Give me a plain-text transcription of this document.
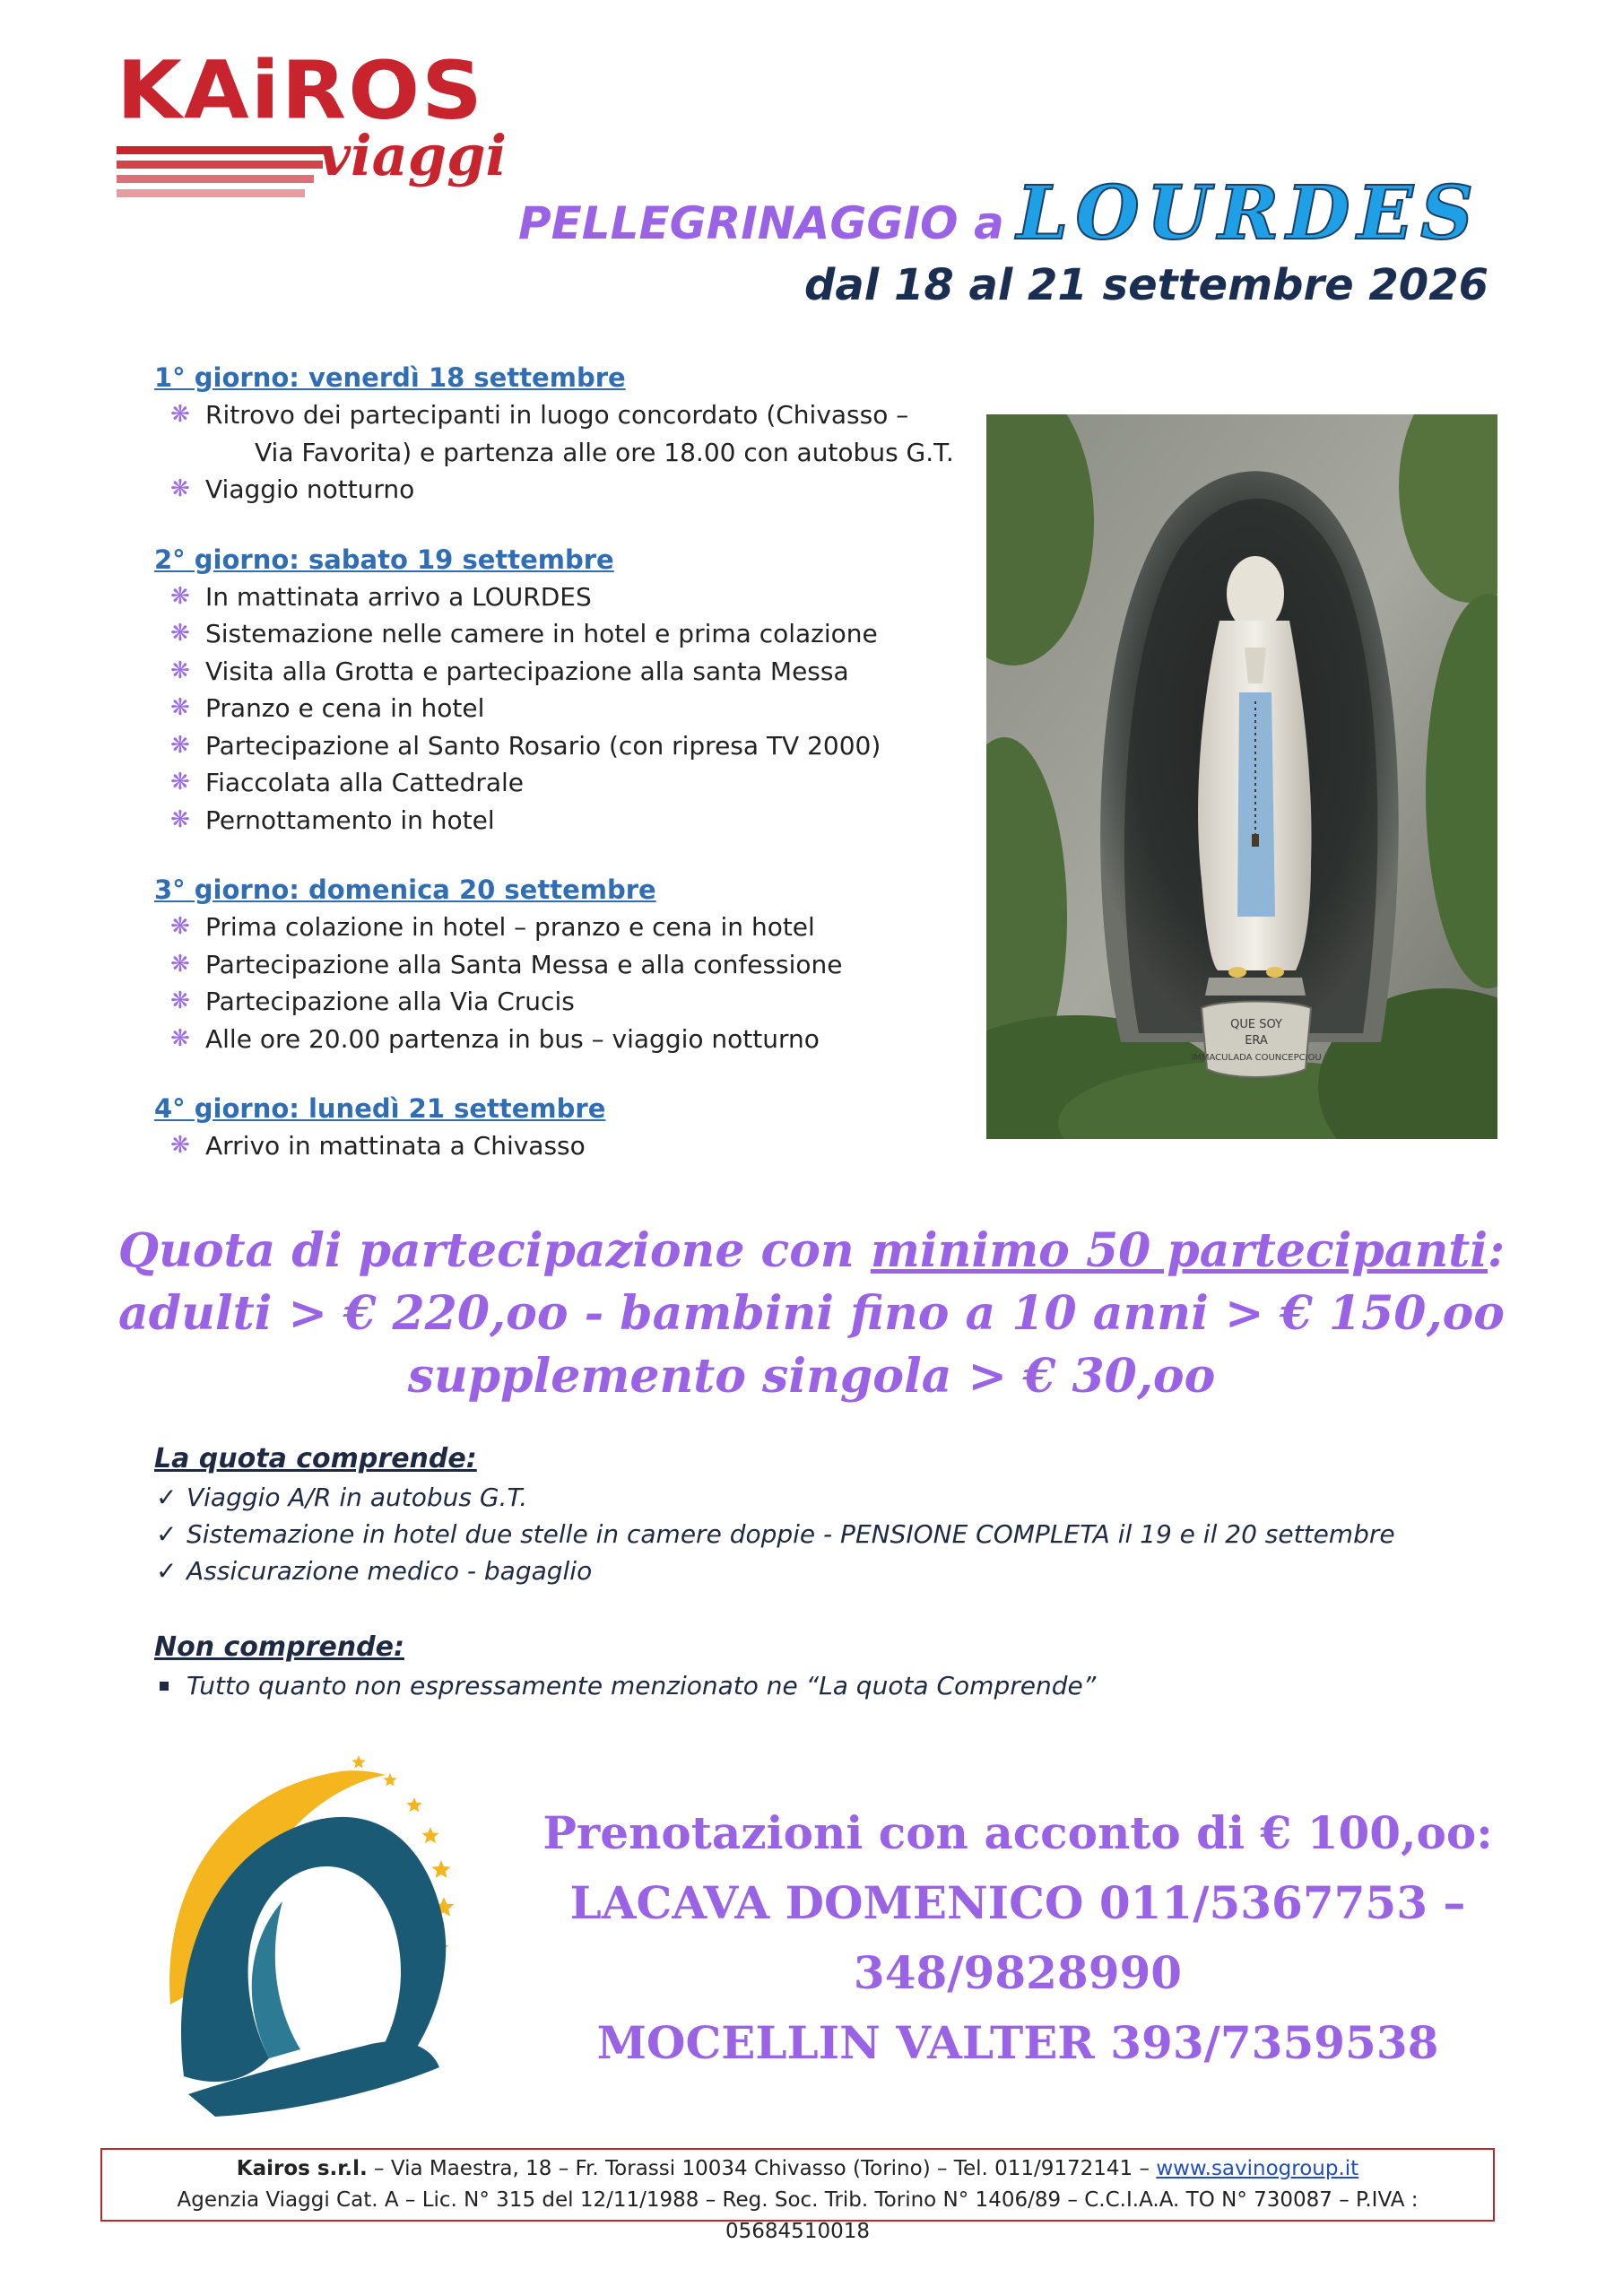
KAiROS
viaggi
PELLEGRINAGGIO a LOURDES
dal 18 al 21 settembre 2026

1° giorno: venerdì 18 settembre

❋ Ritrovo dei partecipanti in luogo concordato (Chivasso –
Via Favorita) e partenza alle ore 18.00 con autobus G.T.
❋ Viaggio notturno

2° giorno: sabato 19 settembre

❋ In mattinata arrivo a LOURDES
❋ Sistemazione nelle camere in hotel e prima colazione
❋ Visita alla Grotta e partecipazione alla santa Messa
❋ Pranzo e cena in hotel
❋ Partecipazione al Santo Rosario (con ripresa TV 2000)
❋ Fiaccolata alla Cattedrale
❋ Pernottamento in hotel

3° giorno: domenica 20 settembre

❋ Prima colazione in hotel – pranzo e cena in hotel
❋ Partecipazione alla Santa Messa e alla confessione
❋ Partecipazione alla Via Crucis
❋ Alle ore 20.00 partenza in bus – viaggio notturno

4° giorno: lunedì 21 settembre

❋ Arrivo in mattinata a Chivasso
QUE SOY
ERA
IMMACULADA COUNCEPCIOU
Quota di partecipazione con minimo 50 partecipanti:
adulti > € 220,oo - bambini fino a 10 anni > € 150,oo
supplemento singola > € 30,oo

La quota comprende:

✓ Viaggio A/R in autobus G.T.
✓ Sistemazione in hotel due stelle in camere doppie - PENSIONE COMPLETA il 19 e il 20 settembre
✓ Assicurazione medico - bagaglio

Non comprende:

Tutto quanto non espressamente menzionato ne “La quota Comprende”
Prenotazioni con acconto di € 100,oo:
LACAVA DOMENICO 011/5367753 –
348/9828990
MOCELLIN VALTER 393/7359538
Kairos s.r.l. – Via Maestra, 18 – Fr. Torassi 10034 Chivasso (Torino) – Tel. 011/9172141 – www.savinogroup.it
Agenzia Viaggi Cat. A – Lic. N° 315 del 12/11/1988 – Reg. Soc. Trib. Torino N° 1406/89 – C.C.I.A.A. TO N° 730087 – P.IVA : 05684510018
